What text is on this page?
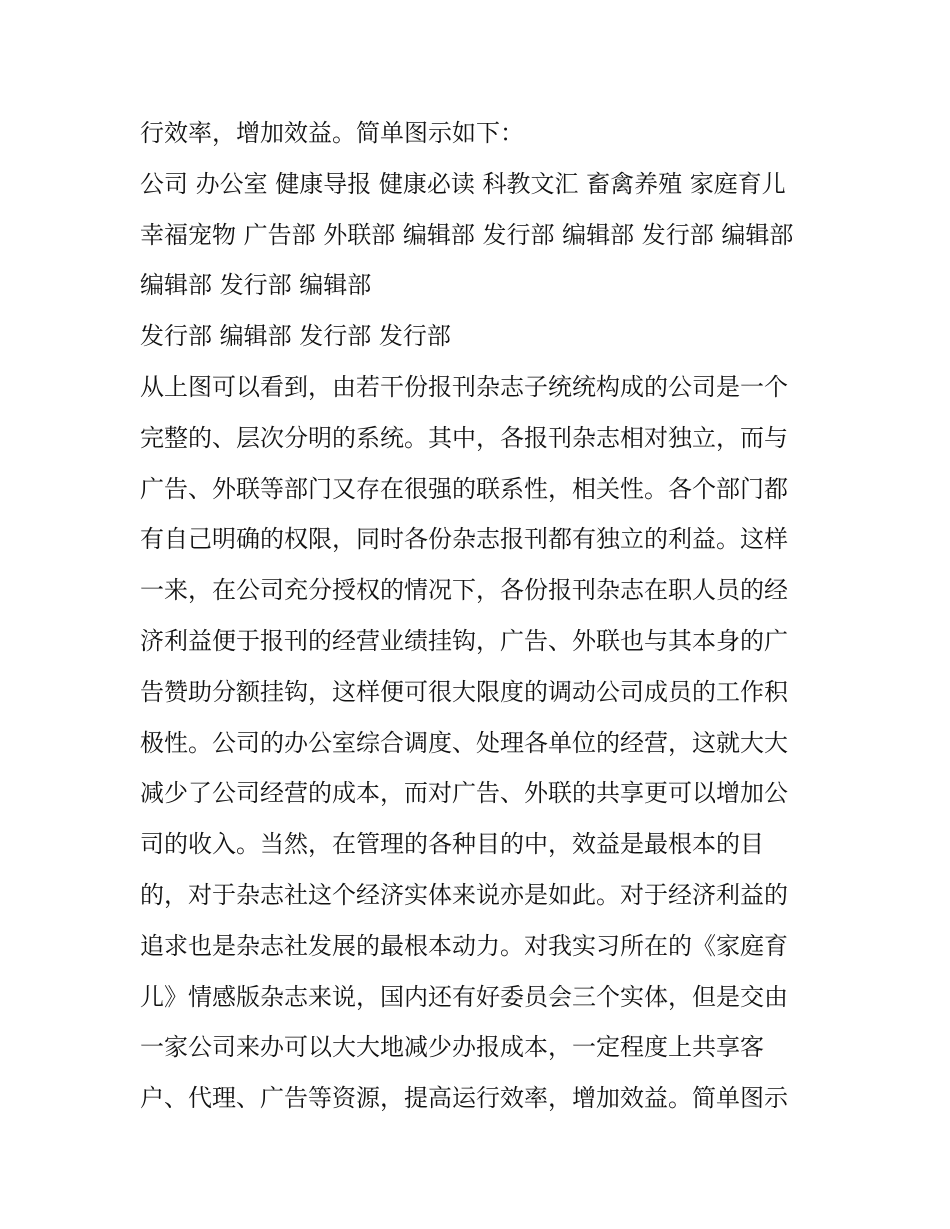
行效率，增加效益。简单图示如下：
公司 办公室 健康导报 健康必读 科教文汇 畜禽养殖 家庭育儿
幸福宠物 广告部 外联部 编辑部 发行部 编辑部 发行部 编辑部
编辑部 发行部 编辑部
发行部 编辑部 发行部 发行部
从上图可以看到，由若干份报刊杂志子统统构成的公司是一个
完整的、层次分明的系统。其中，各报刊杂志相对独立，而与
广告、外联等部门又存在很强的联系性，相关性。各个部门都
有自己明确的权限，同时各份杂志报刊都有独立的利益。这样
一来，在公司充分授权的情况下，各份报刊杂志在职人员的经
济利益便于报刊的经营业绩挂钩，广告、外联也与其本身的广
告赞助分额挂钩，这样便可很大限度的调动公司成员的工作积
极性。公司的办公室综合调度、处理各单位的经营，这就大大
减少了公司经营的成本，而对广告、外联的共享更可以增加公
司的收入。当然，在管理的各种目的中，效益是最根本的目
的，对于杂志社这个经济实体来说亦是如此。对于经济利益的
追求也是杂志社发展的最根本动力。对我实习所在的《家庭育
儿》情感版杂志来说，国内还有好委员会三个实体，但是交由
一家公司来办可以大大地减少办报成本，一定程度上共享客
户、代理、广告等资源，提高运行效率，增加效益。简单图示
